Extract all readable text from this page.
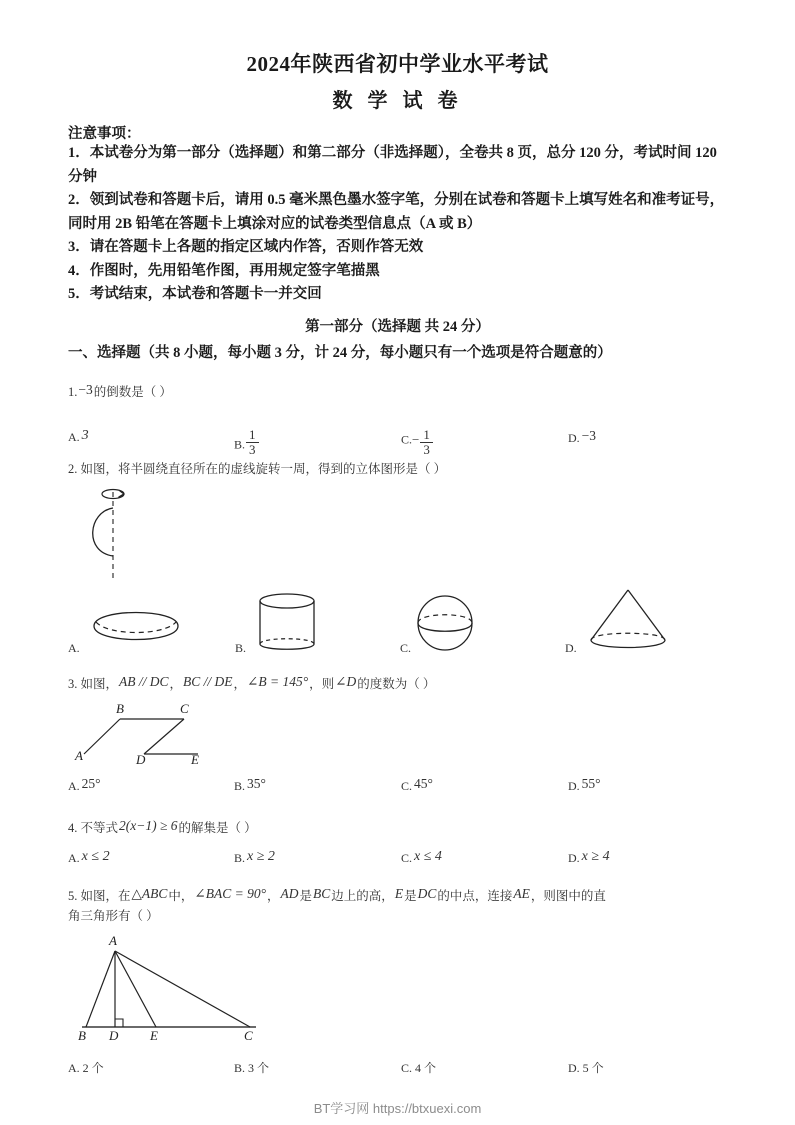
2024年陕西省初中学业水平考试
数 学 试 卷
注意事项：
1．本试卷分为第一部分（选择题）和第二部分（非选择题），全卷共 8 页，总分 120 分，考试时间 120 分钟
2．领到试卷和答题卡后，请用 0.5 毫米黑色墨水签字笔，分别在试卷和答题卡上填写姓名和准考证号，同时用 2B 铅笔在答题卡上填涂对应的试卷类型信息点（A 或 B）
3．请在答题卡上各题的指定区域内作答，否则作答无效
4．作图时，先用铅笔作图，再用规定签字笔描黑
5．考试结束，本试卷和答题卡一并交回
第一部分（选择题 共 24 分）
一、选择题（共 8 小题，每小题 3 分，计 24 分，每小题只有一个选项是符合题意的）
1.−3的倒数是（ ）
A. 3
B. $\frac{1}{3}$	$C.- \frac{1}{3}$	D. −3
2. 如图，将半圆绕直径所在的虚线旋转一周，得到的立体图形是（ ）
A.	B.	C.	D.
3. 如图，AB // DC，BC // DE，∠B = 145°，则∠D的度数为（ ）
A
B	C
D	E
A. 25°	B. 35°	C. 45°	D. 55°
4. 不等式2(x−1) ≥ 6的解集是（ ）
A. x ≤ 2	B. x ≥ 2	C. x ≤ 4	D. x ≥ 4
5. 如图，在△ABC中，∠BAC = 90°，AD是BC边上的高，E是DC的中点，连接AE，则图中的直
角三角形有（ ）
A
B D E	C
A. 2 个	B. 3 个	C. 4 个	D. 5 个
BT学习网 https://btxuexi.com
